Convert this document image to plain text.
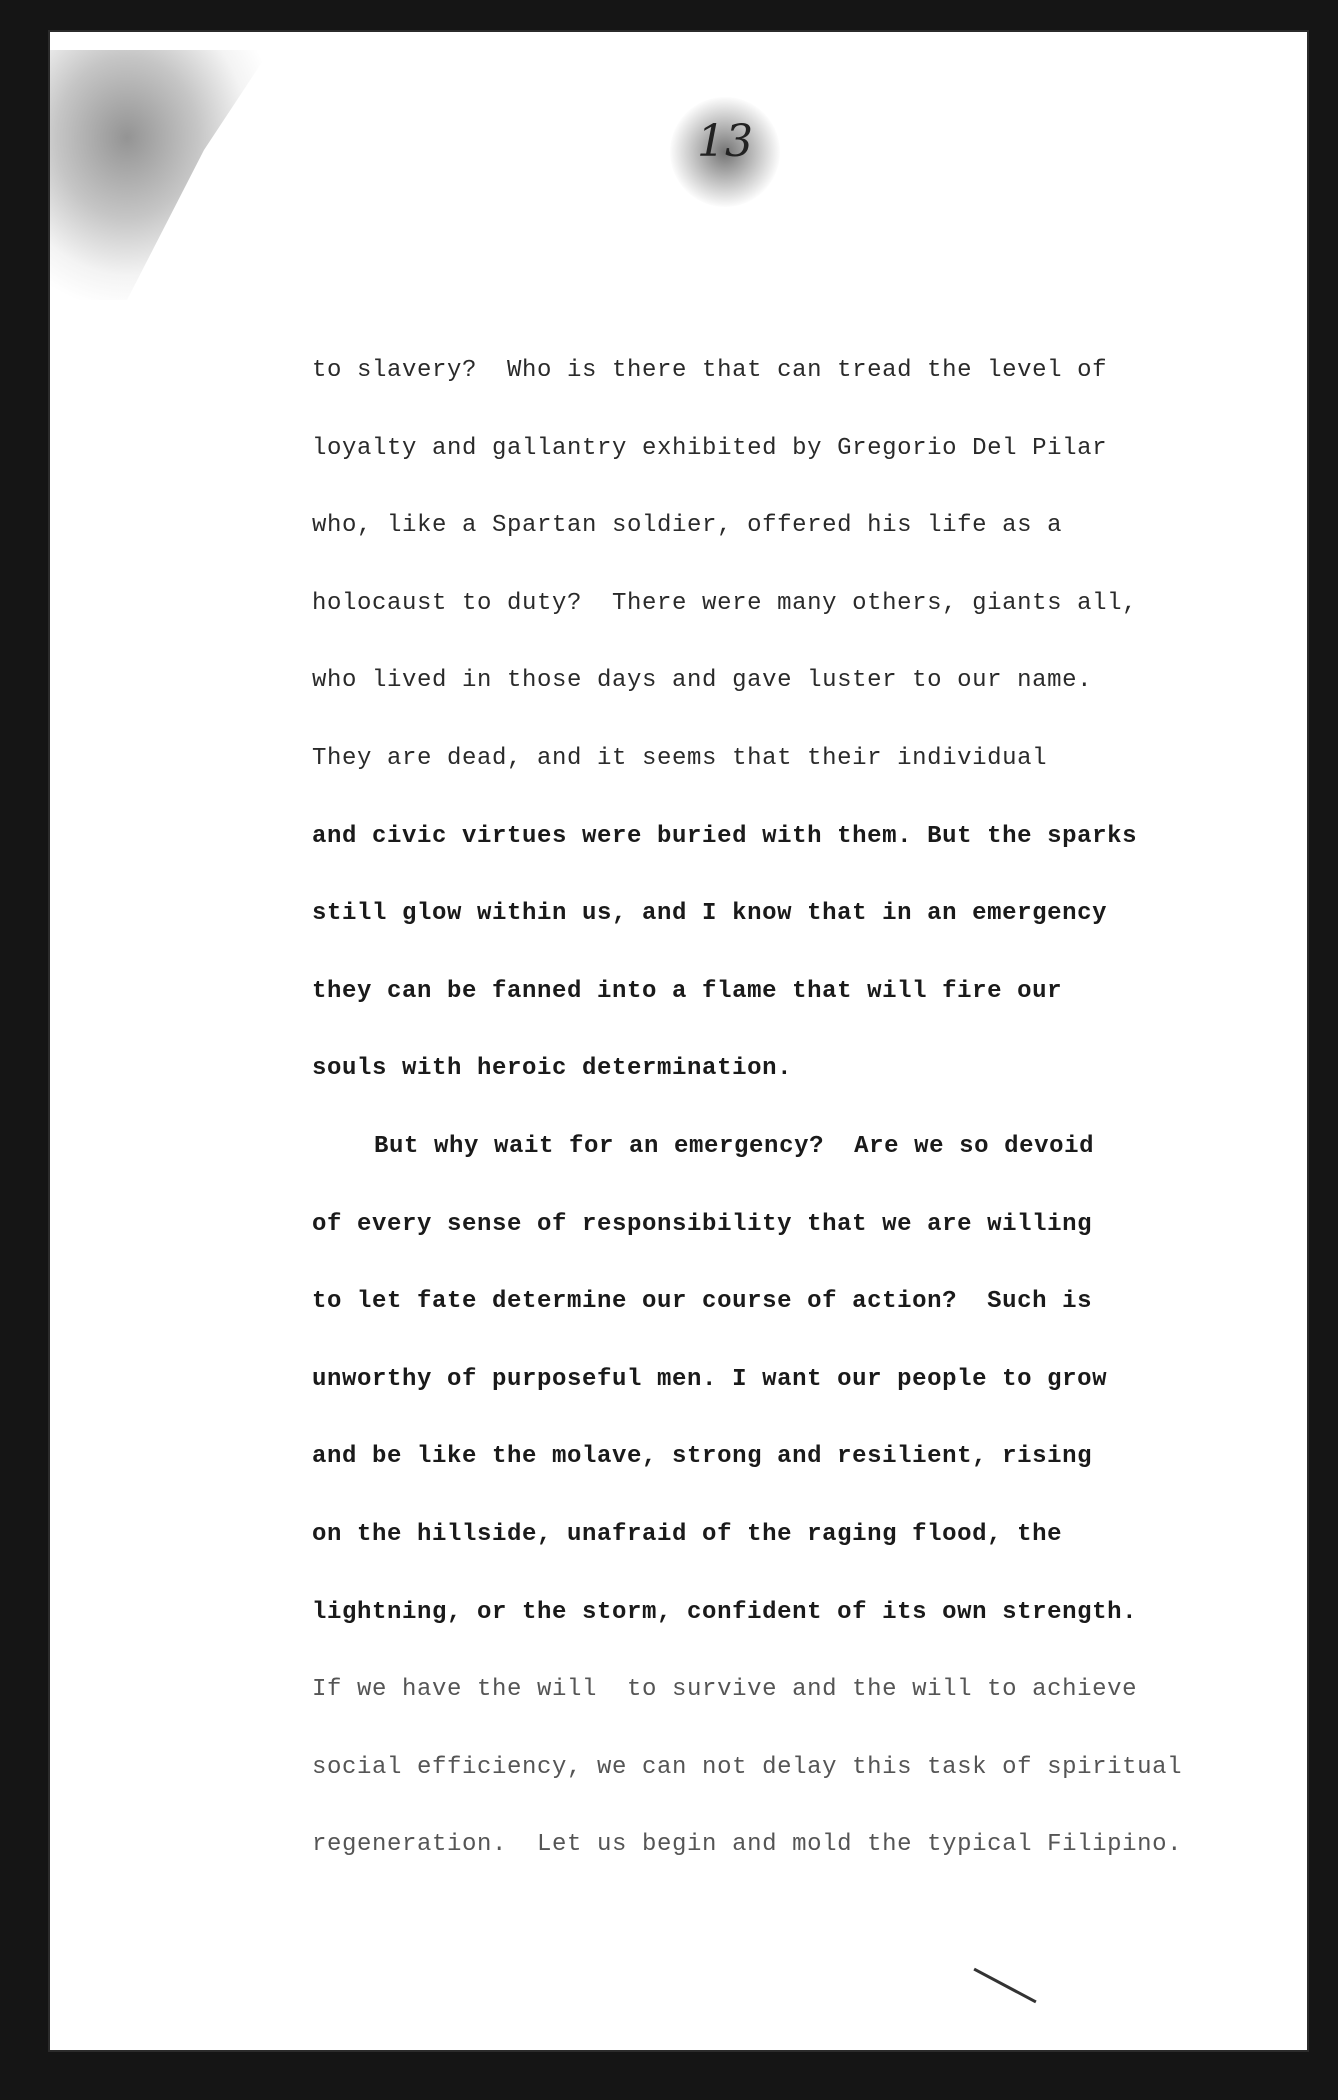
13
to slavery?  Who is there that can tread the level of
loyalty and gallantry exhibited by Gregorio Del Pilar
who, like a Spartan soldier, offered his life as a
holocaust to duty?  There were many others, giants all,
who lived in those days and gave luster to our name.
They are dead, and it seems that their individual
and civic virtues were buried with them. But the sparks
still glow within us, and I know that in an emergency
they can be fanned into a flame that will fire our
souls with heroic determination.
But why wait for an emergency?  Are we so devoid
of every sense of responsibility that we are willing
to let fate determine our course of action?  Such is
unworthy of purposeful men. I want our people to grow
and be like the molave, strong and resilient, rising
on the hillside, unafraid of the raging flood, the
lightning, or the storm, confident of its own strength.
If we have the will  to survive and the will to achieve
social efficiency, we can not delay this task of spiritual
regeneration.  Let us begin and mold the typical Filipino.
